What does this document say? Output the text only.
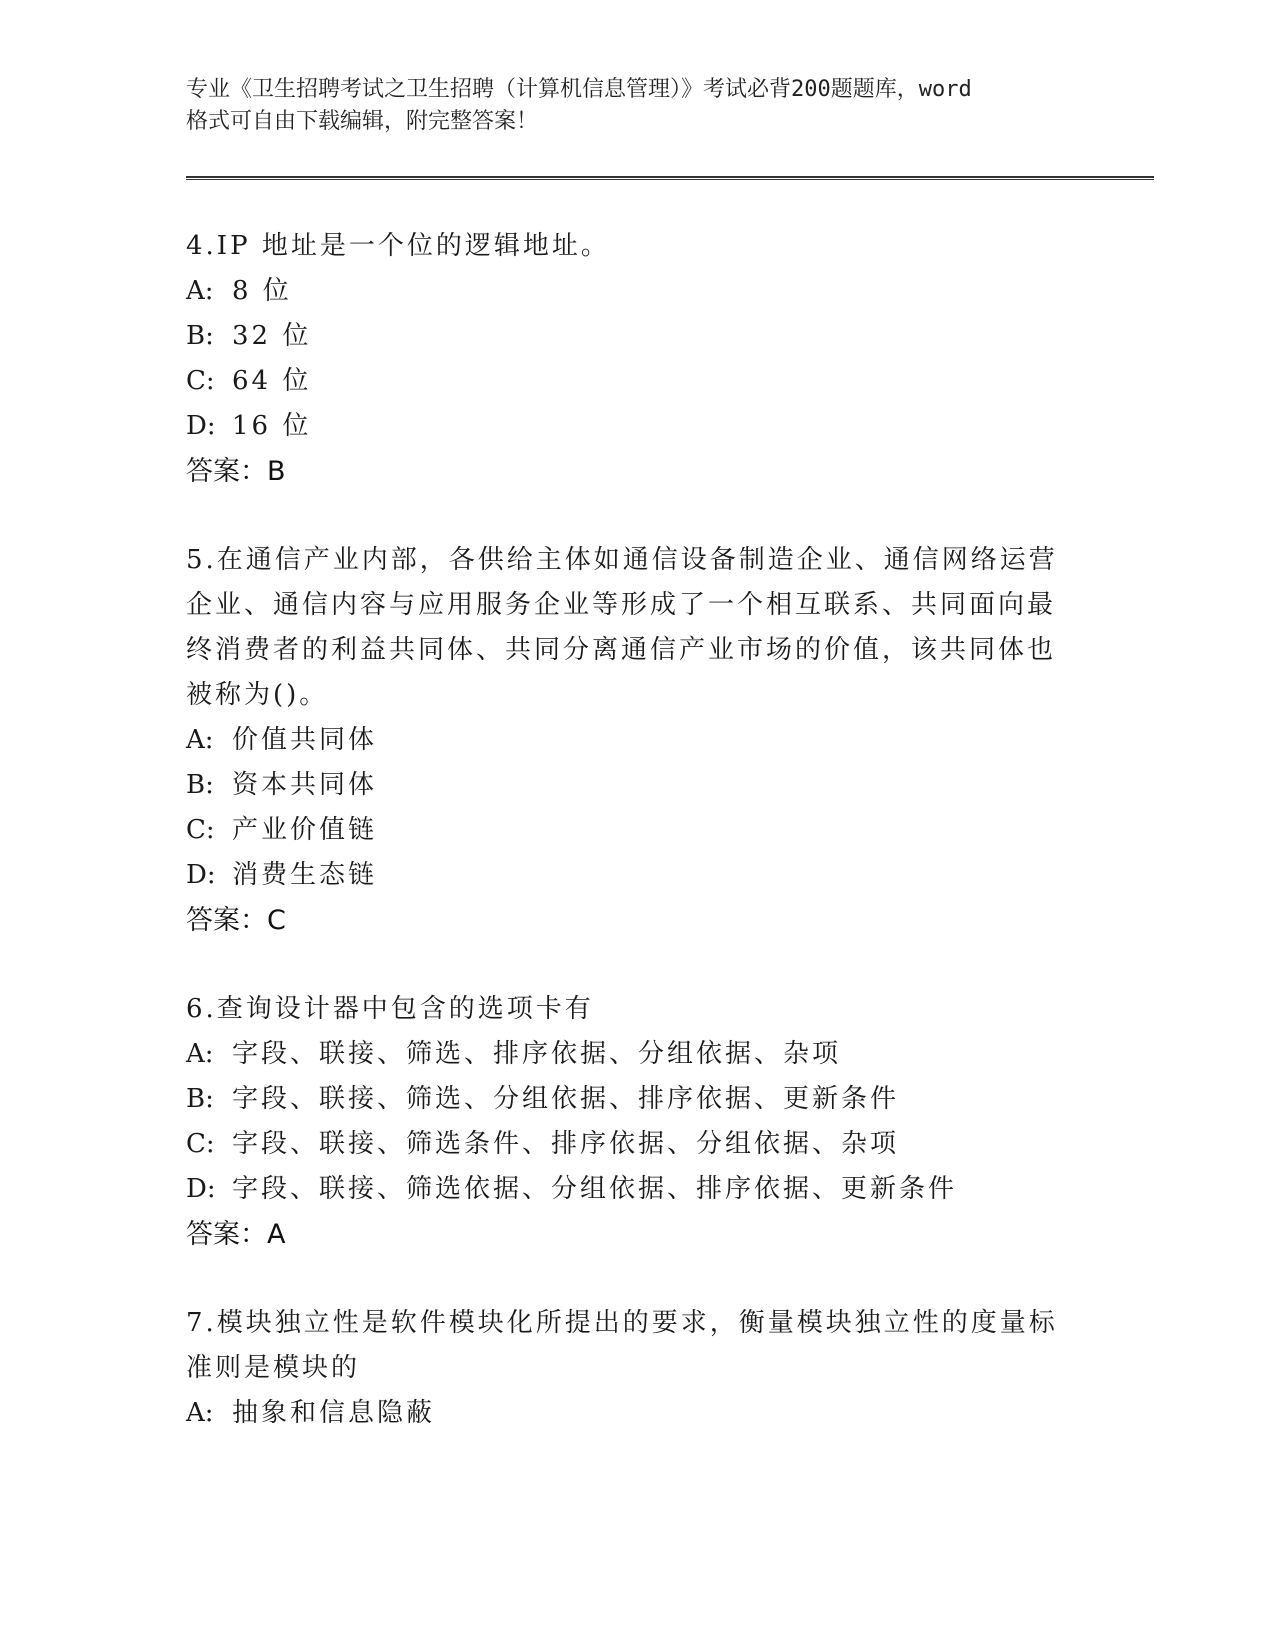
专业《卫生招聘考试之卫生招聘（计算机信息管理）》考试必背200题题库，word
格式可自由下载编辑，附完整答案！

4.IP 地址是一个位的逻辑地址。

A: 8 位

B: 32 位

C: 64 位

D: 16 位

答案：B

5.在通信产业内部，各供给主体如通信设备制造企业、通信网络运营企业、通信内容与应用服务企业等形成了一个相互联系、共同面向最终消费者的利益共同体、共同分离通信产业市场的价值，该共同体也被称为()。

A: 价值共同体

B: 资本共同体

C: 产业价值链

D: 消费生态链

答案：C

6.查询设计器中包含的选项卡有

A: 字段、联接、筛选、排序依据、分组依据、杂项

B: 字段、联接、筛选、分组依据、排序依据、更新条件

C: 字段、联接、筛选条件、排序依据、分组依据、杂项

D: 字段、联接、筛选依据、分组依据、排序依据、更新条件

答案：A

7.模块独立性是软件模块化所提出的要求，衡量模块独立性的度量标准则是模块的

A: 抽象和信息隐蔽
